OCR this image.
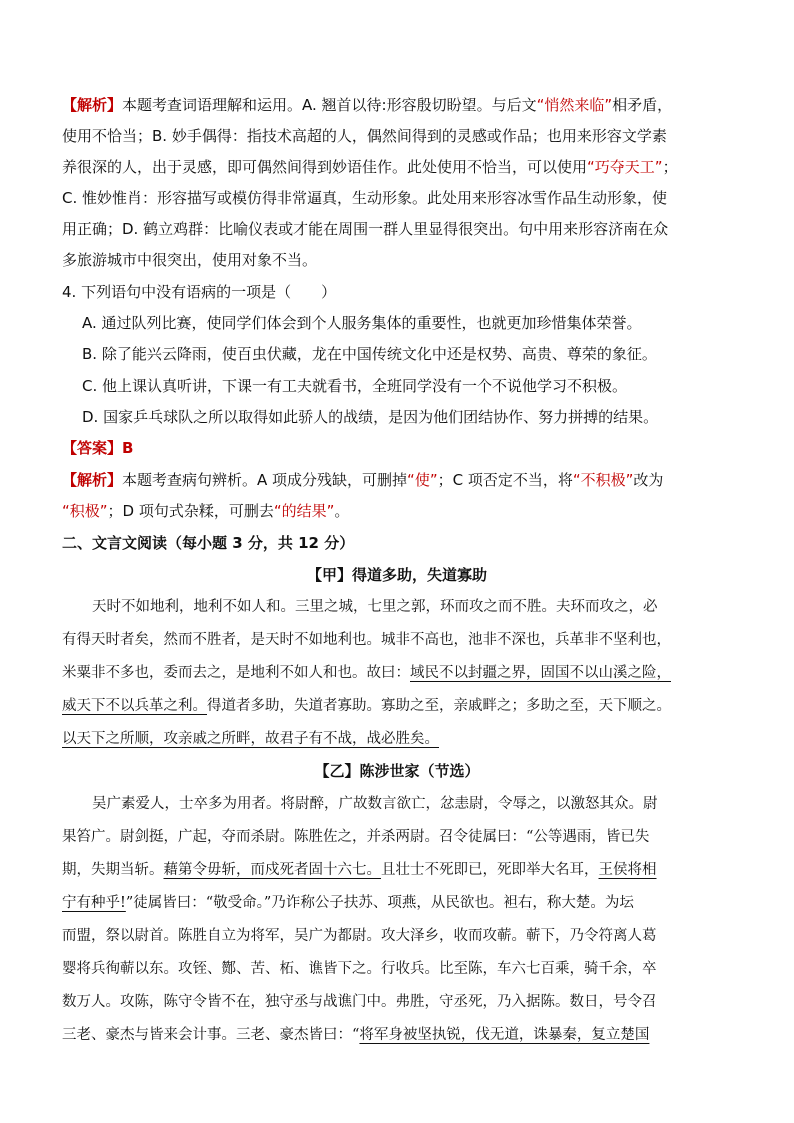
【解析】本题考查词语理解和运用。A. 翘首以待:形容殷切盼望。与后文“悄然来临”相矛盾，
使用不恰当；B. 妙手偶得：指技术高超的人，偶然间得到的灵感或作品；也用来形容文学素
养很深的人，出于灵感，即可偶然间得到妙语佳作。此处使用不恰当，可以使用“巧夺天工”；
C. 惟妙惟肖：形容描写或模仿得非常逼真，生动形象。此处用来形容冰雪作品生动形象，使
用正确；D. 鹤立鸡群：比喻仪表或才能在周围一群人里显得很突出。句中用来形容济南在众
多旅游城市中很突出，使用对象不当。
4. 下列语句中没有语病的一项是（　　）
A. 通过队列比赛，使同学们体会到个人服务集体的重要性，也就更加珍惜集体荣誉。
B. 除了能兴云降雨，使百虫伏藏，龙在中国传统文化中还是权势、高贵、尊荣的象征。
C. 他上课认真听讲，下课一有工夫就看书，全班同学没有一个不说他学习不积极。
D. 国家乒乓球队之所以取得如此骄人的战绩，是因为他们团结协作、努力拼搏的结果。
【答案】B
【解析】本题考查病句辨析。A 项成分残缺，可删掉“使”；C 项否定不当，将“不积极”改为
“积极”；D 项句式杂糅，可删去“的结果”。
二、文言文阅读（每小题 3 分，共 12 分）
【甲】得道多助，失道寡助
天时不如地利，地利不如人和。三里之城，七里之郭，环而攻之而不胜。夫环而攻之，必
有得天时者矣，然而不胜者，是天时不如地利也。城非不高也，池非不深也，兵革非不坚利也，
米粟非不多也，委而去之，是地利不如人和也。故曰：域民不以封疆之界，固国不以山溪之险，
威天下不以兵革之利。得道者多助，失道者寡助。寡助之至，亲戚畔之；多助之至，天下顺之。
以天下之所顺，攻亲戚之所畔，故君子有不战，战必胜矣。
【乙】陈涉世家（节选）
吴广素爱人，士卒多为用者。将尉醉，广故数言欲亡，忿恚尉，令辱之，以激怒其众。尉
果笞广。尉剑挺，广起，夺而杀尉。陈胜佐之，并杀两尉。召令徒属曰：“公等遇雨，皆已失
期，失期当斩。藉第令毋斩，而戍死者固十六七。且壮士不死即已，死即举大名耳，王侯将相
宁有种乎!”徒属皆曰：“敬受命。”乃诈称公子扶苏、项燕，从民欲也。袒右，称大楚。为坛
而盟，祭以尉首。陈胜自立为将军，吴广为都尉。攻大泽乡，收而攻蕲。蕲下，乃令符离人葛
婴将兵徇蕲以东。攻铚、酂、苦、柘、谯皆下之。行收兵。比至陈，车六七百乘，骑千余，卒
数万人。攻陈，陈守令皆不在，独守丞与战谯门中。弗胜，守丞死，乃入据陈。数日，号令召
三老、豪杰与皆来会计事。三老、豪杰皆曰：“将军身被坚执锐，伐无道，诛暴秦，复立楚国
